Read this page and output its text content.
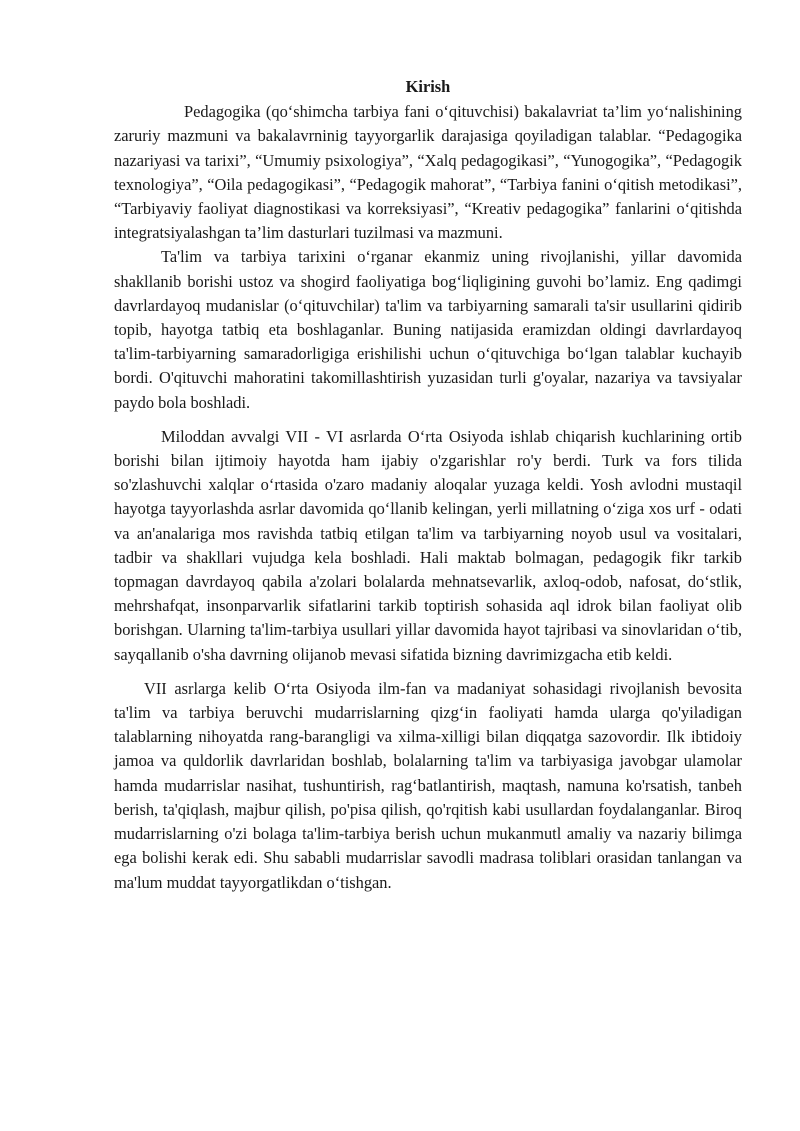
Kirish

Pedagogika (qo‘shimcha tarbiya fani o‘qituvchisi) bakalavriat ta’lim yo‘nalishining zaruriy mazmuni va bakalavrninig tayyorgarlik darajasiga qoyiladigan talablar. “Pedagogika nazariyasi va tarixi”, “Umumiy psixologiya”, “Xalq pedagogikasi”, “Yunogogika”, “Pedagogik texnologiya”, “Oila pedagogikasi”, “Pedagogik mahorat”, “Tarbiya fanini o‘qitish metodikasi”, “Tarbiyaviy faoliyat diagnostikasi va korreksiyasi”, “Kreativ pedagogika” fanlarini o‘qitishda integratsiyalashgan ta’lim dasturlari tuzilmasi va mazmuni.

Ta'lim va tarbiya tarixini o‘rganar ekanmiz uning rivojlanishi, yillar davomida shakllanib borishi ustoz va shogird faoliyatiga bog‘liqligining guvohi bo’lamiz. Eng qadimgi davrlardayoq mudanislar (o‘qituvchilar) ta'lim va tarbiyarning samarali ta'sir usullarini qidirib topib, hayotga tatbiq eta boshlaganlar. Buning natijasida eramizdan oldingi davrlardayoq ta'lim-tarbiyarning samaradorligiga erishilishi uchun o‘qituvchiga bo‘lgan talablar kuchayib bordi. O'qituvchi mahoratini takomillashtirish yuzasidan turli g'oyalar, nazariya va tavsiyalar paydo bola boshladi.

Miloddan avvalgi VII - VI asrlarda O‘rta Osiyoda ishlab chiqarish kuchlarining ortib borishi bilan ijtimoiy hayotda ham ijabiy o'zgarishlar ro'y berdi. Turk va fors tilida so'zlashuvchi xalqlar o‘rtasida o'zaro madaniy aloqalar yuzaga keldi. Yosh avlodni mustaqil hayotga tayyorlashda asrlar davomida qo‘llanib kelingan, yerli millatning o‘ziga xos urf - odati va an'analariga mos ravishda tatbiq etilgan ta'lim va tarbiyarning noyob usul va vositalari, tadbir va shakllari vujudga kela boshladi. Hali maktab bolmagan, pedagogik fikr tarkib topmagan davrdayoq qabila a'zolari bolalarda mehnatsevarlik, axloq-odob, nafosat, do‘stlik, mehrshafqat, insonparvarlik sifatlarini tarkib toptirish sohasida aql idrok bilan faoliyat olib borishgan. Ularning ta'lim-tarbiya usullari yillar davomida hayot tajribasi va sinovlaridan o‘tib, sayqallanib o'sha davrning olijanob mevasi sifatida bizning davrimizgacha etib keldi.

VII asrlarga kelib O‘rta Osiyoda ilm-fan va madaniyat sohasidagi rivojlanish bevosita ta'lim va tarbiya beruvchi mudarrislarning qizg‘in faoliyati hamda ularga qo'yiladigan talablarning nihoyatda rang-barangligi va xilma-xilligi bilan diqqatga sazovordir. Ilk ibtidoiy jamoa va quldorlik davrlaridan boshlab, bolalarning ta'lim va tarbiyasiga javobgar ulamolar hamda mudarrislar nasihat, tushuntirish, rag‘batlantirish, maqtash, namuna ko'rsatish, tanbeh berish, ta'qiqlash, majbur qilish, po'pisa qilish, qo'rqitish kabi usullardan foydalanganlar. Biroq mudarrislarning o'zi bolaga ta'lim-tarbiya berish uchun mukanmutl amaliy va nazariy bilimga ega bolishi kerak edi. Shu sababli mudarrislar savodli madrasa toliblari orasidan tanlangan va ma'lum muddat tayyorgatlikdan o‘tishgan.
